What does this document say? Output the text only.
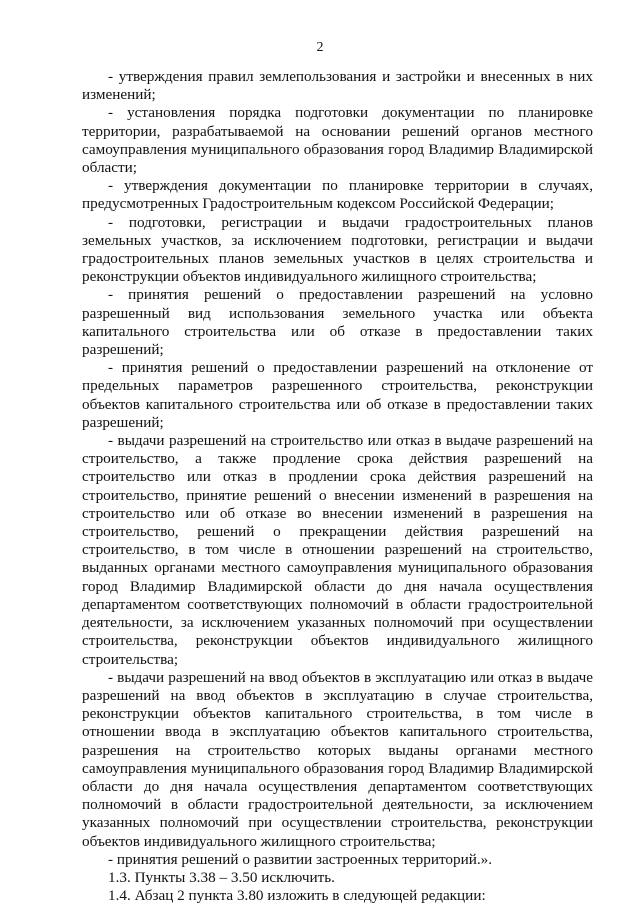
2

- утверждения правил землепользования и застройки и внесенных в них изменений;

- установления порядка подготовки документации по планировке территории, разрабатываемой на основании решений органов местного самоуправления муниципального образования город Владимир Владимирской области;

- утверждения документации по планировке территории в случаях, предусмотренных Градостроительным кодексом Российской Федерации;

- подготовки, регистрации и выдачи градостроительных планов земельных участков, за исключением подготовки, регистрации и выдачи градостроительных планов земельных участков в целях строительства и реконструкции объектов индивидуального жилищного строительства;

- принятия решений о предоставлении разрешений на условно разрешенный вид использования земельного участка или объекта капитального строительства или об отказе в предоставлении таких разрешений;

- принятия решений о предоставлении разрешений на отклонение от предельных параметров разрешенного строительства, реконструкции объектов капитального строительства или об отказе в предоставлении таких разрешений;

- выдачи разрешений на строительство или отказ в выдаче разрешений на строительство, а также продление срока действия разрешений на строительство или отказ в продлении срока действия разрешений на строительство, принятие решений о внесении изменений в разрешения на строительство или об отказе во внесении изменений в разрешения на строительство, решений о прекращении действия разрешений на строительство, в том числе в отношении разрешений на строительство, выданных органами местного самоуправления муниципального образования город Владимир Владимирской области до дня начала осуществления департаментом соответствующих полномочий в области градостроительной деятельности, за исключением указанных полномочий при осуществлении строительства, реконструкции объектов индивидуального жилищного строительства;

- выдачи разрешений на ввод объектов в эксплуатацию или отказ в выдаче разрешений на ввод объектов в эксплуатацию в случае строительства, реконструкции объектов капитального строительства, в том числе в отношении ввода в эксплуатацию объектов капитального строительства, разрешения на строительство которых выданы органами местного самоуправления муниципального образования город Владимир Владимирской области до дня начала осуществления департаментом соответствующих полномочий в области градостроительной деятельности, за исключением указанных полномочий при осуществлении строительства, реконструкции объектов индивидуального жилищного строительства;

- принятия решений о развитии застроенных территорий.».

1.3. Пункты 3.38 – 3.50 исключить.

1.4. Абзац 2 пункта 3.80 изложить в следующей редакции:
